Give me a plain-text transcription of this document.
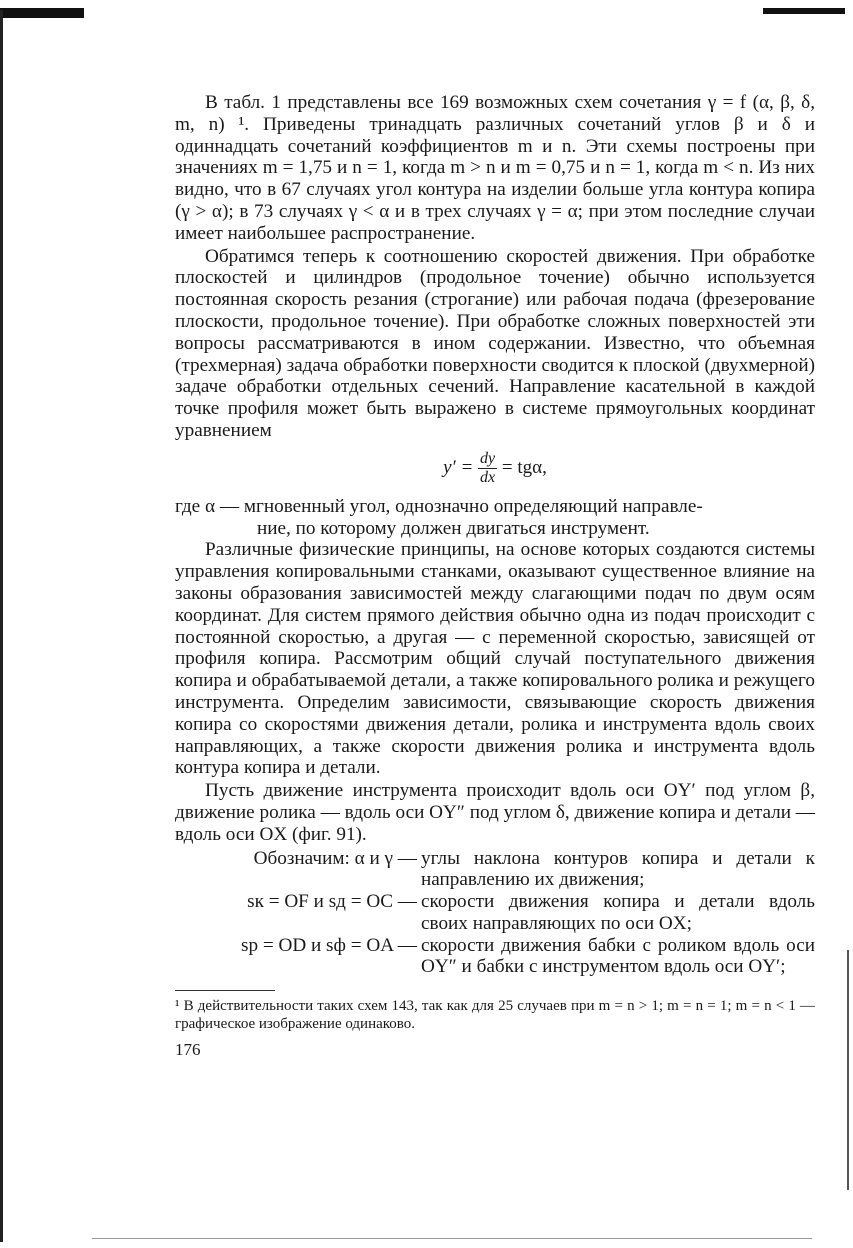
В табл. 1 представлены все 169 возможных схем сочетания γ = f (α, β, δ, m, n) ¹. Приведены тринадцать различных сочетаний углов β и δ и одиннадцать сочетаний коэффициентов m и n. Эти схемы построены при значениях m = 1,75 и n = 1, когда m > n и m = 0,75 и n = 1, когда m < n. Из них видно, что в 67 случаях угол контура на изделии больше угла контура копира (γ > α); в 73 случаях γ < α и в трех случаях γ = α; при этом последние случаи имеет наибольшее распространение.

Обратимся теперь к соотношению скоростей движения. При обработке плоскостей и цилиндров (продольное точение) обычно используется постоянная скорость резания (строгание) или рабочая подача (фрезерование плоскости, продольное точение). При обработке сложных поверхностей эти вопросы рассматриваются в ином содержании. Известно, что объемная (трехмерная) задача обработки поверхности сводится к плоской (двухмерной) задаче обработки отдельных сечений. Направление касательной в каждой точке профиля может быть выражено в системе прямоугольных координат уравнением

$y' = \frac{dy}{dx} = tg\alpha$,

где α — мгновенный угол, однозначно определяющий направле-
ние, по которому должен двигаться инструмент.

Различные физические принципы, на основе которых создаются системы управления копировальными станками, оказывают существенное влияние на законы образования зависимостей между слагающими подач по двум осям координат. Для систем прямого действия обычно одна из подач происходит с постоянной скоростью, а другая — с переменной скоростью, зависящей от профиля копира. Рассмотрим общий случай поступательного движения копира и обрабатываемой детали, а также копировального ролика и режущего инструмента. Определим зависимости, связывающие скорость движения копира со скоростями движения детали, ролика и инструмента вдоль своих направляющих, а также скорости движения ролика и инструмента вдоль контура копира и детали.

Пусть движение инструмента происходит вдоль оси OY′ под углом β, движение ролика — вдоль оси OY″ под углом δ, движение копира и детали — вдоль оси OX (фиг. 91).

Обозначим: α и γ — углы наклона контуров копира и детали к направлению их движения;
sк = OF и sд = OC — скорости движения копира и детали вдоль своих направляющих по оси OX;
sр = OD и sф = OA — скорости движения бабки с роликом вдоль оси OY″ и бабки с инструментом вдоль оси OY′;

¹ В действительности таких схем 143, так как для 25 случаев при m = n > 1; m = n = 1; m = n < 1 — графическое изображение одинаково.

176
